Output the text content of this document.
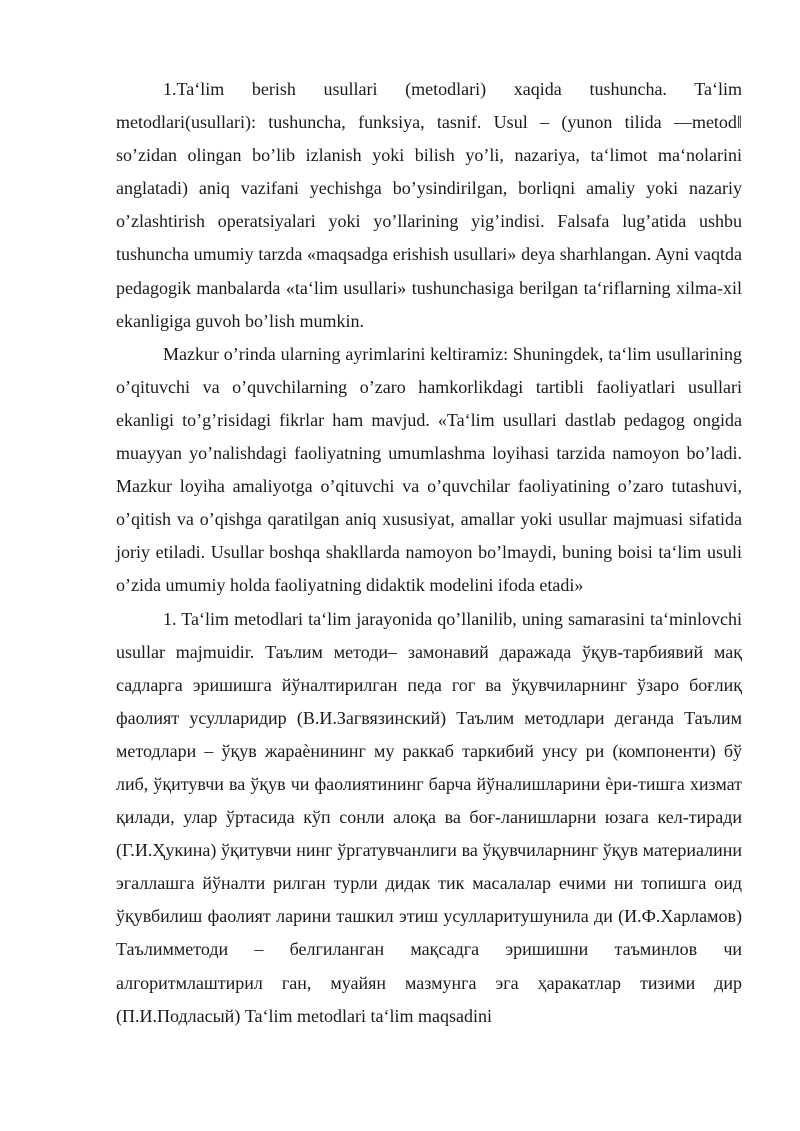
1.Ta‘lim berish usullari (metodlari) xaqida tushuncha. Ta‘lim metodlari(usullari): tushuncha, funksiya, tasnif. Usul – (yunon tilida ―metod‖ so’zidan olingan bo’lib izlanish yoki bilish yo’li, nazariya, ta‘limot ma‘nolarini anglatadi) aniq vazifani yechishga bo’ysindirilgan, borliqni amaliy yoki nazariy o’zlashtirish operatsiyalari yoki yo’llarining yig’indisi. Falsafa lug’atida ushbu tushuncha umumiy tarzda «maqsadga erishish usullari» deya sharhlangan. Ayni vaqtda pedagogik manbalarda «ta‘lim usullari» tushunchasiga berilgan ta‘riflarning xilma-xil ekanligiga guvoh bo’lish mumkin.

Mazkur o’rinda ularning ayrimlarini keltiramiz: Shuningdek, ta‘lim usullarining o’qituvchi va o’quvchilarning o’zaro hamkorlikdagi tartibli faoliyatlari usullari ekanligi to’g’risidagi fikrlar ham mavjud. «Ta‘lim usullari dastlab pedagog ongida muayyan yo’nalishdagi faoliyatning umumlashma loyihasi tarzida namoyon bo’ladi. Mazkur loyiha amaliyotga o’qituvchi va o’quvchilar faoliyatining o’zaro tutashuvi, o’qitish va o’qishga qaratilgan aniq xususiyat, amallar yoki usullar majmuasi sifatida joriy etiladi. Usullar boshqa shakllarda namoyon bo’lmaydi, buning boisi ta‘lim usuli o’zida umumiy holda faoliyatning didaktik modelini ifoda etadi»

1. Ta‘lim metodlari ta‘lim jarayonida qo’llanilib, uning samarasini ta‘minlovchi usullar majmuidir. Таълим методи– замонавий даражада ўқув-тарбиявий мақ садларга эришишга йўналтирилган педа гог ва ўқувчиларнинг ўзаро боғлиқ фаолият усулларидир (В.И.Загвязинский) Таълим методлари деганда Таълим методлари – ўқув жараѐнининг му раккаб таркибий унсу ри (компоненти) бў либ, ўқитувчи ва ўқув чи фаолиятининг барча йўналишларини ѐри-тишга хизмат қилади, улар ўртасида кўп сонли алоқа ва боғ-ланишларни юзага кел-тиради (Г.И.Ҳукина) ўқитувчи нинг ўргатувчанлиги ва ўқувчиларнинг ўқув материалини эгаллашга йўналти рилган турли дидак тик масалалар ечими ни топишга оид ўқувбилиш фаолият ларини ташкил этиш усулларитушунила ди (И.Ф.Харламов) Таълимметоди – белгиланган мақсадга эришишни таъминлов чи алгоритмлаштирил ган, муайян мазмунга эга ҳаракатлар тизими дир (П.И.Подласый) Ta‘lim metodlari ta‘lim maqsadini
